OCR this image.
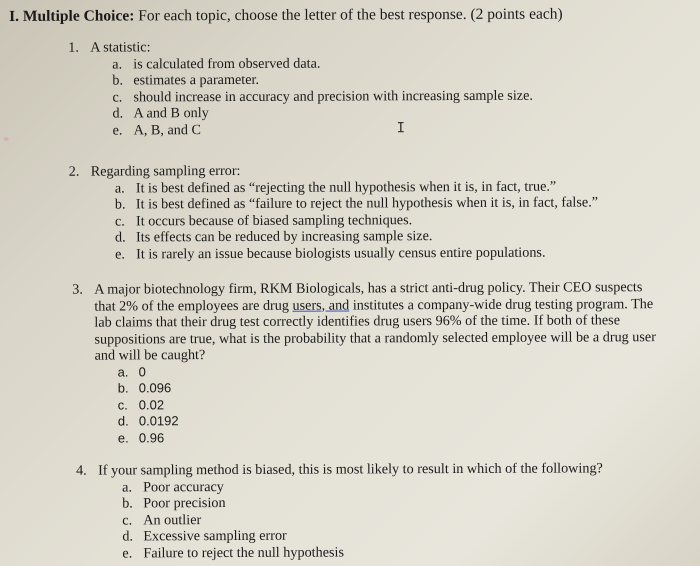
I. Multiple Choice: For each topic, choose the letter of the best response. (2 points each)
1. A statistic:
a. is calculated from observed data.
b. estimates a parameter.
c. should increase in accuracy and precision with increasing sample size.
d. A and B only
e. A, B, and C	I
2. Regarding sampling error:
a. It is best defined as “rejecting the null hypothesis when it is, in fact, true.”
b. It is best defined as “failure to reject the null hypothesis when it is, in fact, false.”
c. It occurs because of biased sampling techniques.
d. Its effects can be reduced by increasing sample size.
e. It is rarely an issue because biologists usually census entire populations.
3. A major biotechnology firm, RKM Biologicals, has a strict anti-drug policy. Their CEO suspects
that 2% of the employees are drug users, and institutes a company-wide drug testing program. The
lab claims that their drug test correctly identifies drug users 96% of the time. If both of these
suppositions are true, what is the probability that a randomly selected employee will be a drug user
and will be caught?
a. 0
b. 0.096
c. 0.02
d. 0.0192
e. 0.96
4. If your sampling method is biased, this is most likely to result in which of the following?
a. Poor accuracy
b. Poor precision
c. An outlier
d. Excessive sampling error
e. Failure to reject the null hypothesis
